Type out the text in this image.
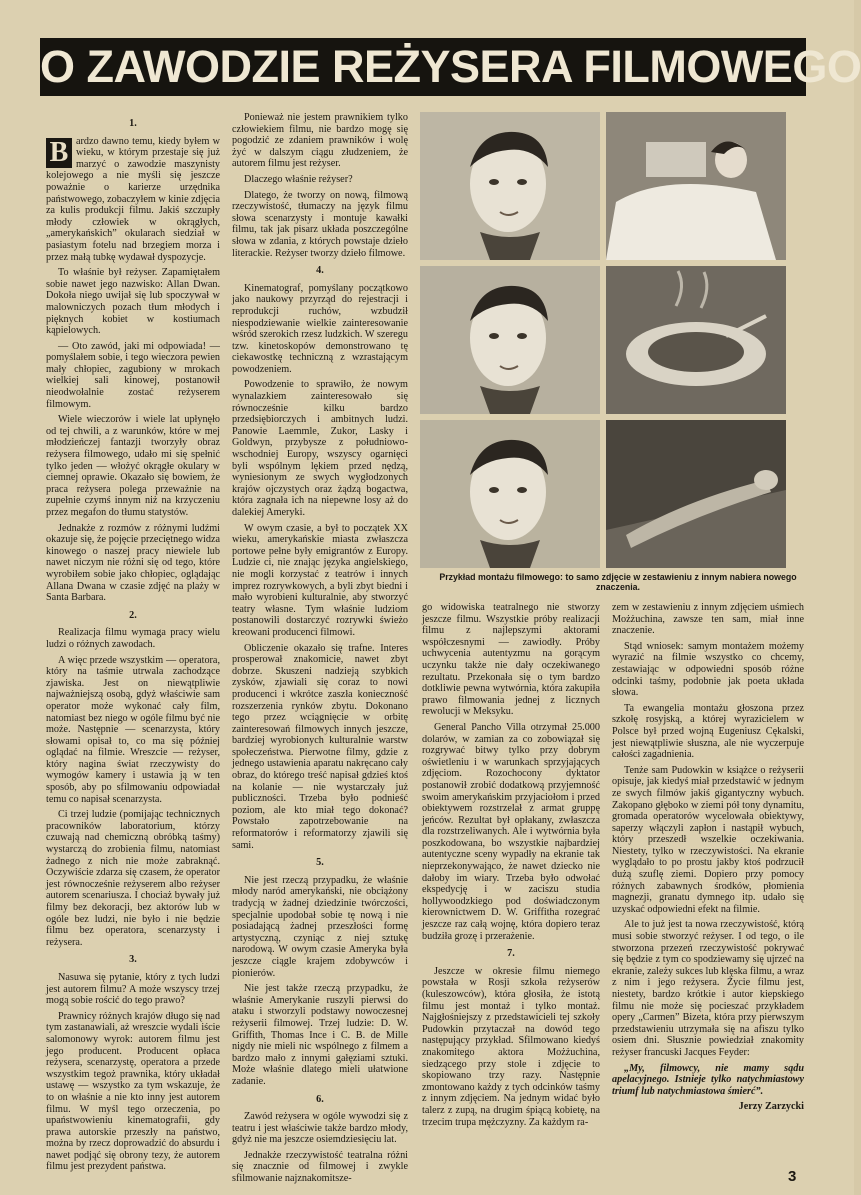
O ZAWODZIE REŻYSERA FILMOWEGO

1.

B ardzo dawno temu, kiedy byłem w wieku, w którym przestaje się już marzyć o zawodzie maszynisty kolejowego a nie myśli się jeszcze poważnie o karierze urzędnika państwowego, zobaczyłem w kinie zdjęcia za kulis produkcji filmu. Jakiś szczupły młody człowiek w okrągłych, „amerykańskich” okularach siedział w pasiastym fotelu nad brzegiem morza i przez małą tubkę wydawał dyspozycje.

To właśnie był reżyser. Zapamiętałem sobie nawet jego nazwisko: Allan Dwan. Dokoła niego uwijał się lub spoczywał w malowniczych pozach tłum młodych i pięknych kobiet w kostiumach kąpielowych.

— Oto zawód, jaki mi odpowiada! — pomyślałem sobie, i tego wieczora pewien mały chłopiec, zagubiony w mrokach wielkiej sali kinowej, postanowił nieodwołalnie zostać reżyserem filmowym.

Wiele wieczorów i wiele lat upłynęło od tej chwili, a z warunków, które w mej młodzieńczej fantazji tworzyły obraz reżysera filmowego, udało mi się spełnić tylko jeden — włożyć okrągłe okulary w ciemnej oprawie. Okazało się bowiem, że praca reżysera polega przeważnie na zupełnie czymś innym niż na krzyczeniu przez megafon do tłumu statystów.

Jednakże z rozmów z różnymi ludźmi okazuje się, że pojęcie przeciętnego widza kinowego o naszej pracy niewiele lub nawet niczym nie różni się od tego, które wyrobiłem sobie jako chłopiec, oglądając Allana Dwana w czasie zdjęć na plaży w Santa Barbara.

2.

Realizacja filmu wymaga pracy wielu ludzi o różnych zawodach.

A więc przede wszystkim — operatora, który na taśmie utrwala zachodzące zjawiska. Jest on niewątpliwie najważniejszą osobą, gdyż właściwie sam operator może wykonać cały film, natomiast bez niego w ogóle filmu być nie może. Następnie — scenarzysta, który słowami opisał to, co ma się później oglądać na filmie. Wreszcie — reżyser, który nagina świat rzeczywisty do wymogów kamery i ustawia ją w ten sposób, aby po sfilmowaniu odpowiadał temu co napisał scenarzysta.

Ci trzej ludzie (pomijając technicznych pracowników laboratorium, którzy czuwają nad chemiczną obróbką taśmy) wystarczą do zrobienia filmu, natomiast żadnego z nich nie może zabraknąć. Oczywiście zdarza się czasem, że operator jest równocześnie reżyserem albo reżyser autorem scenariusza. I chociaż bywały już filmy bez dekoracji, bez aktorów lub w ogóle bez ludzi, nie było i nie będzie filmu bez operatora, scenarzysty i reżysera.

3.

Nasuwa się pytanie, który z tych ludzi jest autorem filmu? A może wszyscy trzej mogą sobie rościć do tego prawo?

Prawnicy różnych krajów długo się nad tym zastanawiali, aż wreszcie wydali iście salomonowy wyrok: autorem filmu jest jego producent. Producent opłaca reżysera, scenarzystę, operatora a przede wszystkim tegoż prawnika, który układał ustawę — wszystko za tym wskazuje, że to on właśnie a nie kto inny jest autorem filmu. W myśl tego orzeczenia, po upaństwowieniu kinematografii, gdy prawa autorskie przeszły na państwo, można by rzecz doprowadzić do absurdu i nawet podjąć się obrony tezy, że autorem filmu jest prezydent państwa.

Ponieważ nie jestem prawnikiem tylko człowiekiem filmu, nie bardzo mogę się pogodzić ze zdaniem prawników i wolę żyć w dalszym ciągu złudzeniem, że autorem filmu jest reżyser.

Dlaczego właśnie reżyser?

Dlatego, że tworzy on nową, filmową rzeczywistość, tłumaczy na język filmu słowa scenarzysty i montuje kawałki filmu, tak jak pisarz układa poszczególne słowa w zdania, z których powstaje dzieło literackie. Reżyser tworzy dzieło filmowe.

4.

Kinematograf, pomyślany początkowo jako naukowy przyrząd do rejestracji i reprodukcji ruchów, wzbudził niespodziewanie wielkie zainteresowanie wśród szerokich rzesz ludzkich. W szeregu tzw. kinetoskopów demonstrowano tę ciekawostkę techniczną z wzrastającym powodzeniem.

Powodzenie to sprawiło, że nowym wynalazkiem zainteresowało się równocześnie kilku bardzo przedsiębiorczych i ambitnych ludzi. Panowie Laemmle, Zukor, Lasky i Goldwyn, przybysze z południowo-wschodniej Europy, wszyscy ogarnięci byli wspólnym lękiem przed nędzą, wyniesionym ze swych wygłodzonych krajów ojczystych oraz żądzą bogactwa, która zagnała ich na niepewne losy aż do dalekiej Ameryki.

W owym czasie, a był to początek XX wieku, amerykańskie miasta zwłaszcza portowe pełne były emigrantów z Europy. Ludzie ci, nie znając języka angielskiego, nie mogli korzystać z teatrów i innych imprez rozrywkowych, a byli zbyt biedni i mało wyrobieni kulturalnie, aby stworzyć teatry własne. Tym właśnie ludziom postanowili dostarczyć rozrywki świeżo kreowani producenci filmowi.

Obliczenie okazało się trafne. Interes prosperował znakomicie, nawet zbyt dobrze. Skuszeni nadzieją szybkich zysków, zjawiali się coraz to nowi producenci i wkrótce zaszła konieczność rozszerzenia rynków zbytu. Dokonano tego przez wciągnięcie w orbitę zainteresowań filmowych innych jeszcze, bardziej wyrobionych kulturalnie warstw społeczeństwa. Pierwotne filmy, gdzie z jednego ustawienia aparatu nakręcano cały obraz, do którego treść napisał gdzieś ktoś na kolanie — nie wystarczały już publiczności. Trzeba było podnieść poziom, ale kto miał tego dokonać? Powstało zapotrzebowanie na reformatorów i reformatorzy zjawili się sami.

5.

Nie jest rzeczą przypadku, że właśnie młody naród amerykański, nie obciążony tradycją w żadnej dziedzinie twórczości, specjalnie upodobał sobie tę nową i nie posiadającą żadnej przeszłości formę artystyczną, czyniąc z niej sztukę narodową. W owym czasie Ameryka była jeszcze ciągle krajem zdobywców i pionierów.

Nie jest także rzeczą przypadku, że właśnie Amerykanie ruszyli pierwsi do ataku i stworzyli podstawy nowoczesnej reżyserii filmowej. Trzej ludzie: D. W. Griffith, Thomas Ince i C. B. de Mille nigdy nie mieli nic wspólnego z filmem a bardzo mało z innymi gałęziami sztuki. Może właśnie dlatego mieli ułatwione zadanie.

6.

Zawód reżysera w ogóle wywodzi się z teatru i jest właściwie także bardzo młody, gdyż nie ma jeszcze osiemdziesięciu lat.

Jednakże rzeczywistość teatralna różni się znacznie od filmowej i zwykle sfilmowanie najznakomitsze-

Przykład montażu filmowego: to samo zdjęcie w zestawieniu z innym nabiera nowego znaczenia.

go widowiska teatralnego nie stworzy jeszcze filmu. Wszystkie próby realizacji filmu z najlepszymi aktorami współczesnymi — zawiodły. Próby uchwycenia autentyzmu na gorącym uczynku także nie dały oczekiwanego rezultatu. Przekonała się o tym bardzo dotkliwie pewna wytwórnia, która zakupiła prawo filmowania jednej z licznych rewolucji w Meksyku.

General Pancho Villa otrzymał 25.000 dolarów, w zamian za co zobowiązał się rozgrywać bitwy tylko przy dobrym oświetleniu i w warunkach sprzyjających zdjęciom. Rozochocony dyktator postanowił zrobić dodatkową przyjemność swoim amerykańskim przyjaciołom i przed obiektywem rozstrzelał z armat gruppę jeńców. Rezultat był opłakany, zwłaszcza dla rozstrzeliwanych. Ale i wytwórnia była poszkodowana, bo wszystkie najbardziej autentyczne sceny wypadły na ekranie tak nieprzekonywająco, że nawet dziecko nie dałoby im wiary. Trzeba było odwołać ekspedycję i w zaciszu studia hollywoodzkiego pod doświadczonym kierownictwem D. W. Griffitha rozegrać jeszcze raz całą wojnę, która dopiero teraz budziła grozę i przerażenie.

7.

Jeszcze w okresie filmu niemego powstała w Rosji szkoła reżyserów (kuleszowców), która głosiła, że istotą filmu jest montaż i tylko montaż. Najgłośniejszy z przedstawicieli tej szkoły Pudowkin przytaczał na dowód tego następujący przykład. Sfilmowano kiedyś znakomitego aktora Możżuchina, siedzącego przy stole i zdjęcie to skopiowano trzy razy. Następnie zmontowano każdy z tych odcinków taśmy z innym zdjęciem. Na jednym widać było talerz z zupą, na drugim śpiącą kobietę, na trzecim trupa mężczyzny. Za każdym ra-

zem w zestawieniu z innym zdjęciem uśmiech Możżuchina, zawsze ten sam, miał inne znaczenie.

Stąd wniosek: samym montażem możemy wyrazić na filmie wszystko co chcemy, zestawiając w odpowiedni sposób różne odcinki taśmy, podobnie jak poeta układa słowa.

Ta ewangelia montażu głoszona przez szkołę rosyjską, a której wyrazicielem w Polsce był przed wojną Eugeniusz Cękalski, jest niewątpliwie słuszna, ale nie wyczerpuje całości zagadnienia.

Tenże sam Pudowkin w książce o reżyserii opisuje, jak kiedyś miał przedstawić w jednym ze swych filmów jakiś gigantyczny wybuch. Zakopano głęboko w ziemi pół tony dynamitu, gromada operatorów wycelowała obiektywy, saperzy włączyli zapłon i nastąpił wybuch, który przeszedł wszelkie oczekiwania. Niestety, tylko w rzeczywistości. Na ekranie wyglądało to po prostu jakby ktoś podrzucił dużą szuflę ziemi. Dopiero przy pomocy różnych zabawnych środków, płomienia magnezji, granatu dymnego itp. udało się uzyskać odpowiedni efekt na filmie.

Ale to już jest ta nowa rzeczywistość, którą musi sobie stworzyć reżyser. I od tego, o ile stworzona przezeń rzeczywistość pokrywać się będzie z tym co spodziewamy się ujrzeć na ekranie, zależy sukces lub klęska filmu, a wraz z nim i jego reżysera. Życie filmu jest, niestety, bardzo krótkie i autor kiepskiego filmu nie może się pocieszać przykładem opery „Carmen” Bizeta, która przy pierwszym przedstawieniu utrzymała się na afiszu tylko osiem dni. Słusznie powiedział znakomity reżyser francuski Jacques Feyder:

„My, filmowcy, nie mamy sądu apelacyjnego. Istnieje tylko natychmiastowy triumf lub natychmiastowa śmierć”.

Jerzy Zarzycki

3
